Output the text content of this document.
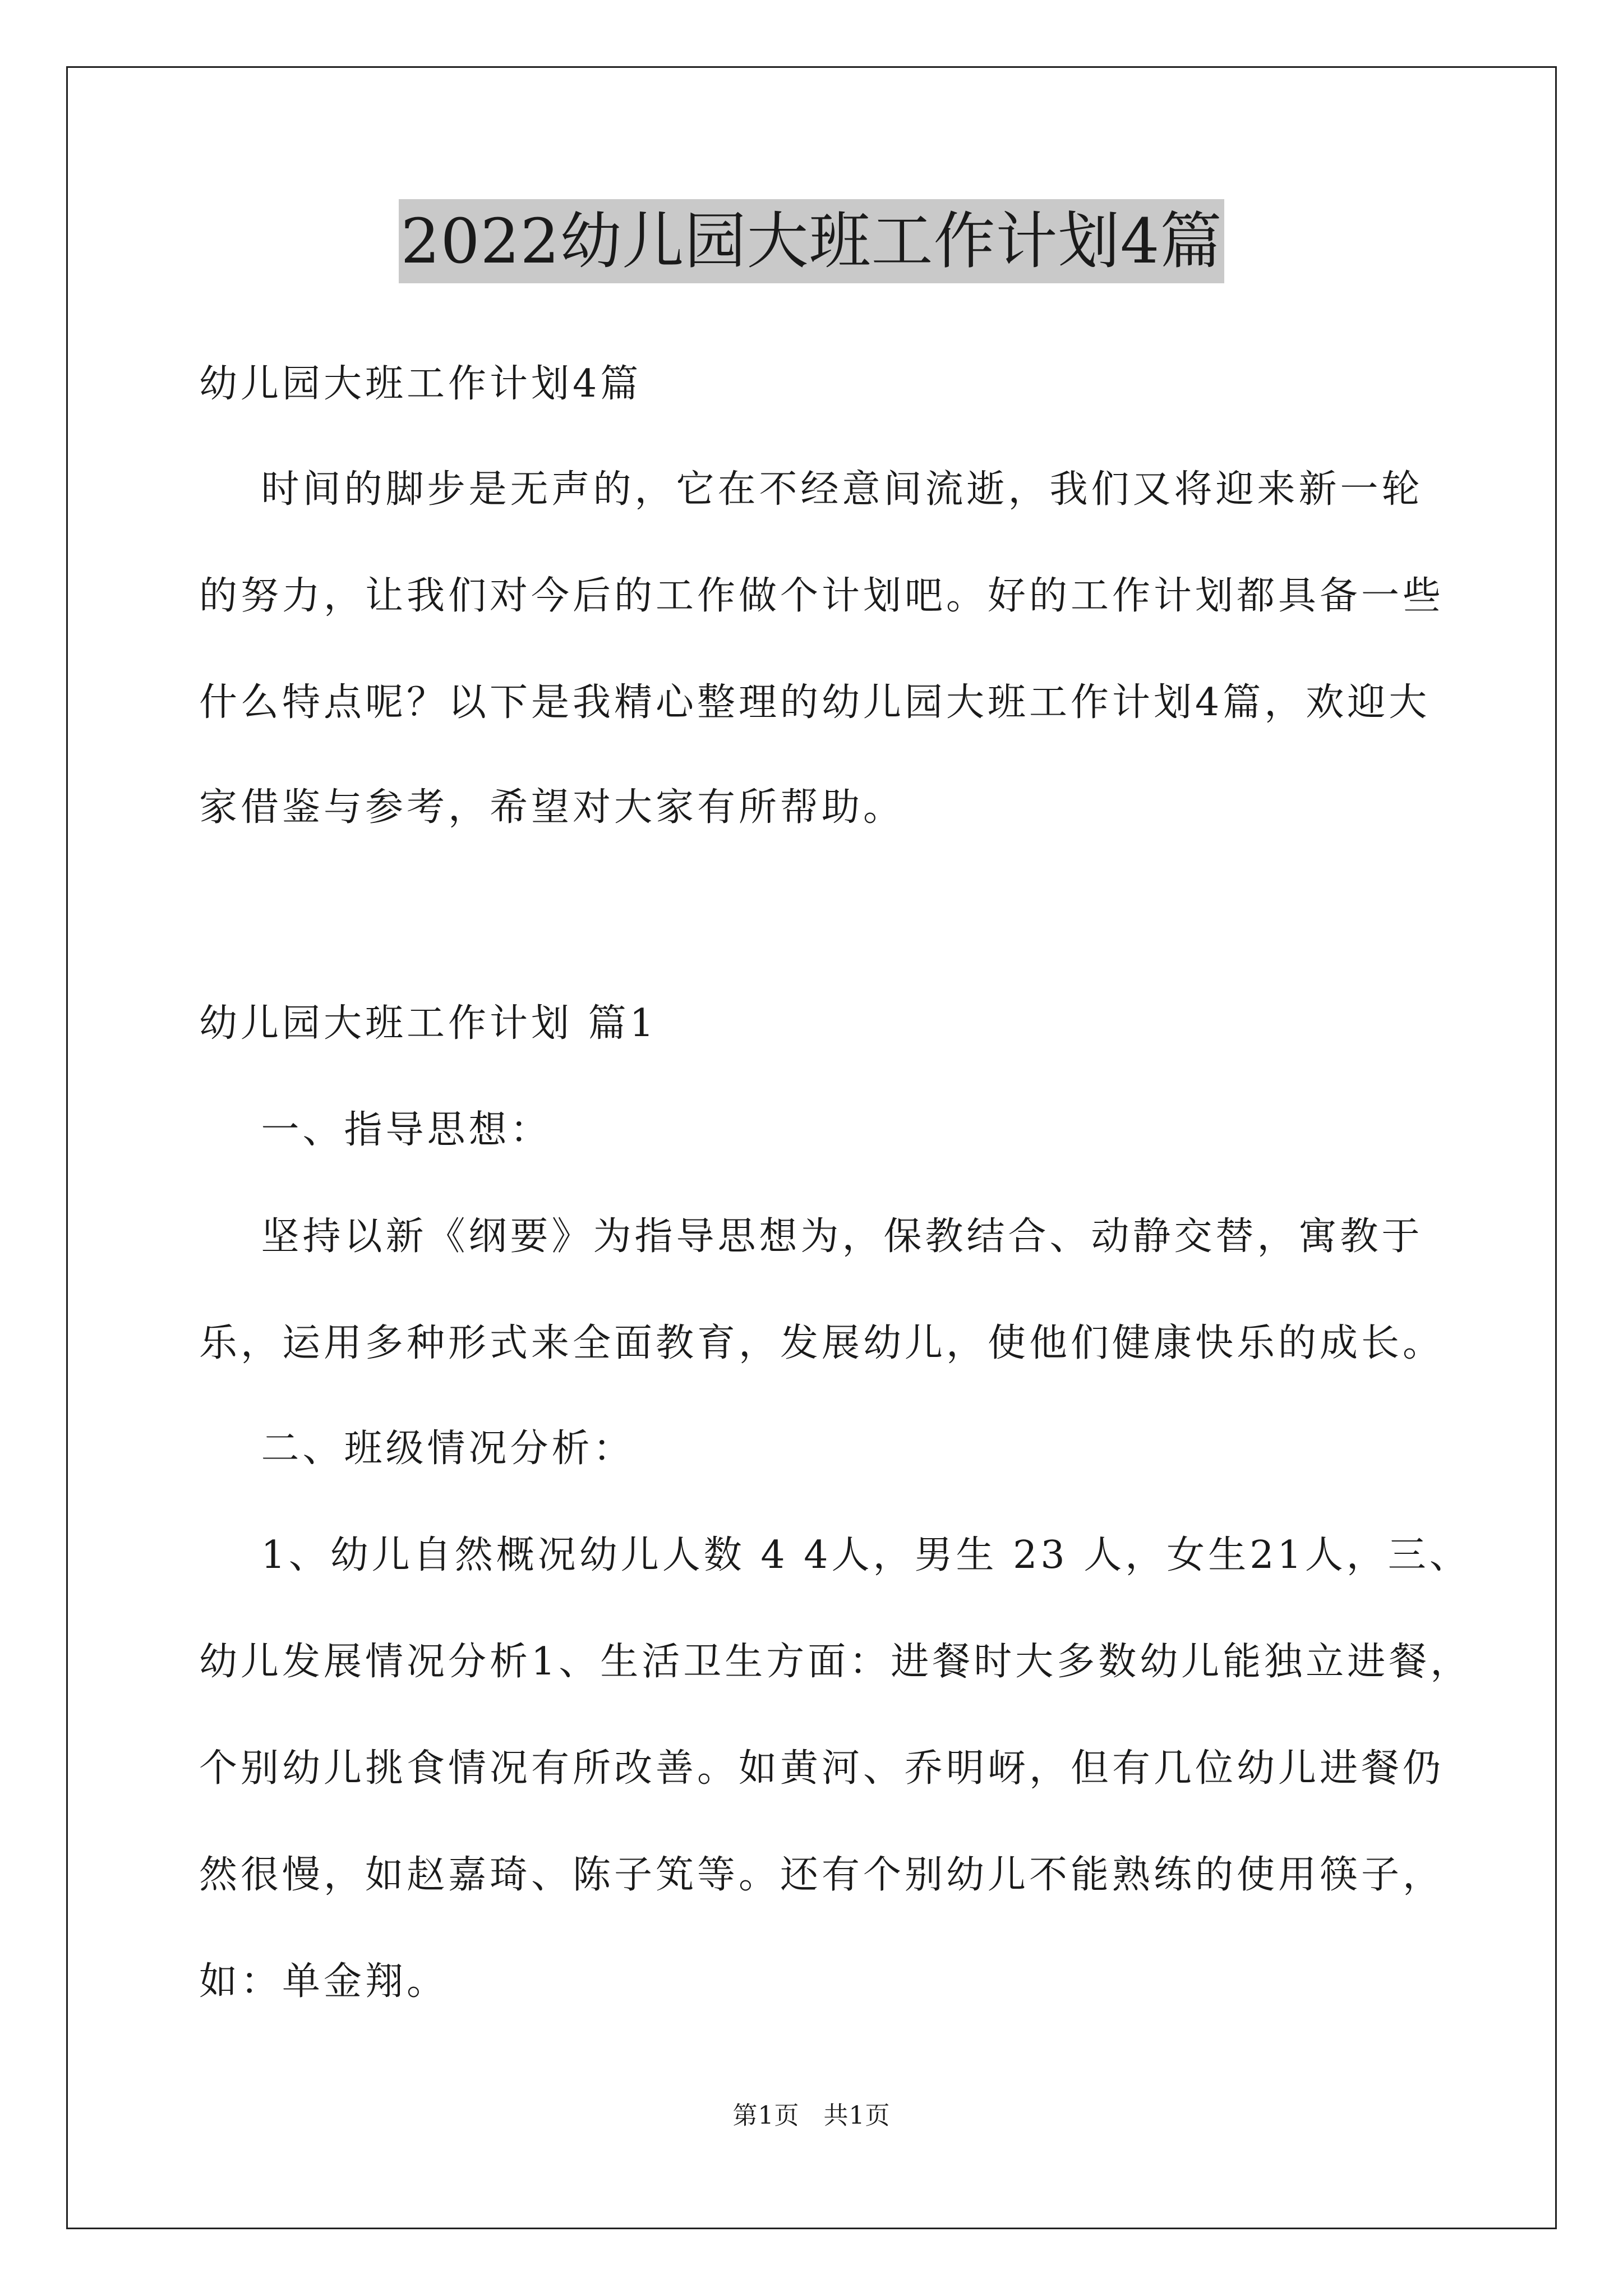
2022幼儿园大班工作计划4篇
幼儿园大班工作计划4篇
时间的脚步是无声的，它在不经意间流逝，我们又将迎来新一轮
的努力，让我们对今后的工作做个计划吧。好的工作计划都具备一些
什么特点呢？以下是我精心整理的幼儿园大班工作计划4篇，欢迎大
家借鉴与参考，希望对大家有所帮助。
幼儿园大班工作计划 篇1
一、指导思想：
坚持以新《纲要》为指导思想为，保教结合、动静交替，寓教于
乐，运用多种形式来全面教育，发展幼儿，使他们健康快乐的成长。
二、班级情况分析：
1、幼儿自然概况幼儿人数 4 4人，男生 23 人，女生21人，三、
幼儿发展情况分析1、生活卫生方面：进餐时大多数幼儿能独立进餐，
个别幼儿挑食情况有所改善。如黄河、乔明岈，但有几位幼儿进餐仍
然很慢，如赵嘉琦、陈子笂等。还有个别幼儿不能熟练的使用筷子，
如：单金翔。
第1页 共1页
